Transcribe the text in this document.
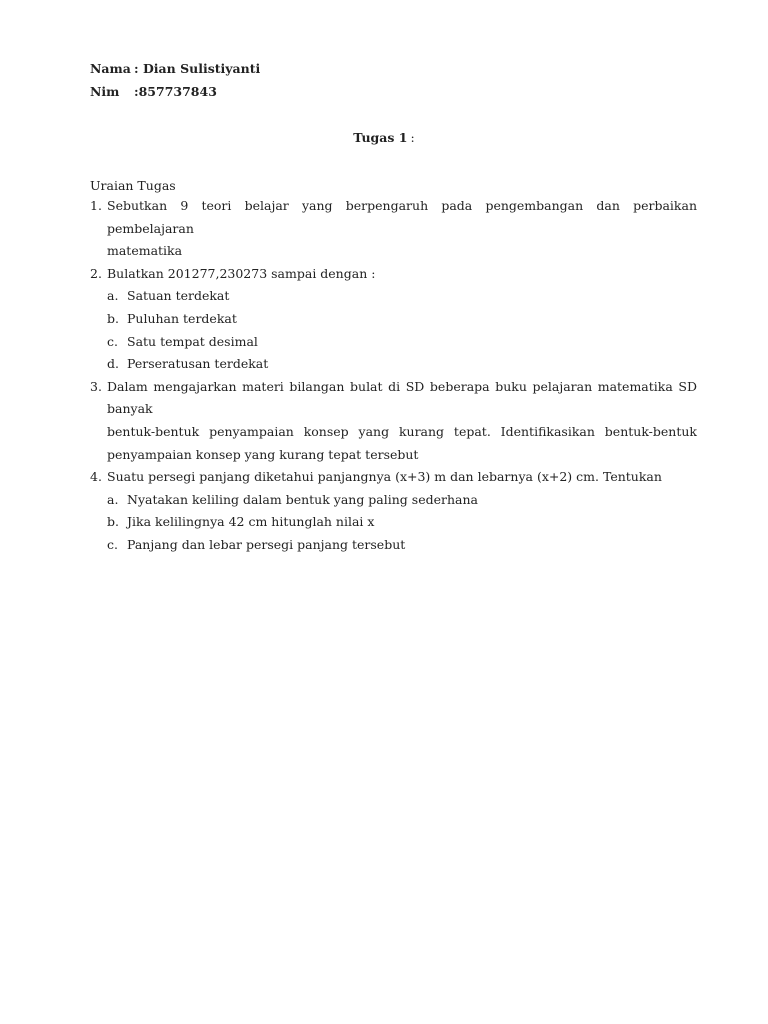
Nama : Dian Sulistiyanti
Nim :857737843
Tugas 1 :
Uraian Tugas
1. Sebutkan 9 teori belajar yang berpengaruh pada pengembangan dan perbaikan pembelajaran
matematika
2. Bulatkan 201277,230273 sampai dengan :
a. Satuan terdekat
b. Puluhan terdekat
c. Satu tempat desimal
d. Perseratusan terdekat
3. Dalam mengajarkan materi bilangan bulat di SD beberapa buku pelajaran matematika SD banyak
bentuk-bentuk penyampaian konsep yang kurang tepat. Identifikasikan bentuk-bentuk
penyampaian konsep yang kurang tepat tersebut
4. Suatu persegi panjang diketahui panjangnya (x+3) m dan lebarnya (x+2) cm. Tentukan
a. Nyatakan keliling dalam bentuk yang paling sederhana
b. Jika kelilingnya 42 cm hitunglah nilai x
c. Panjang dan lebar persegi panjang tersebut
